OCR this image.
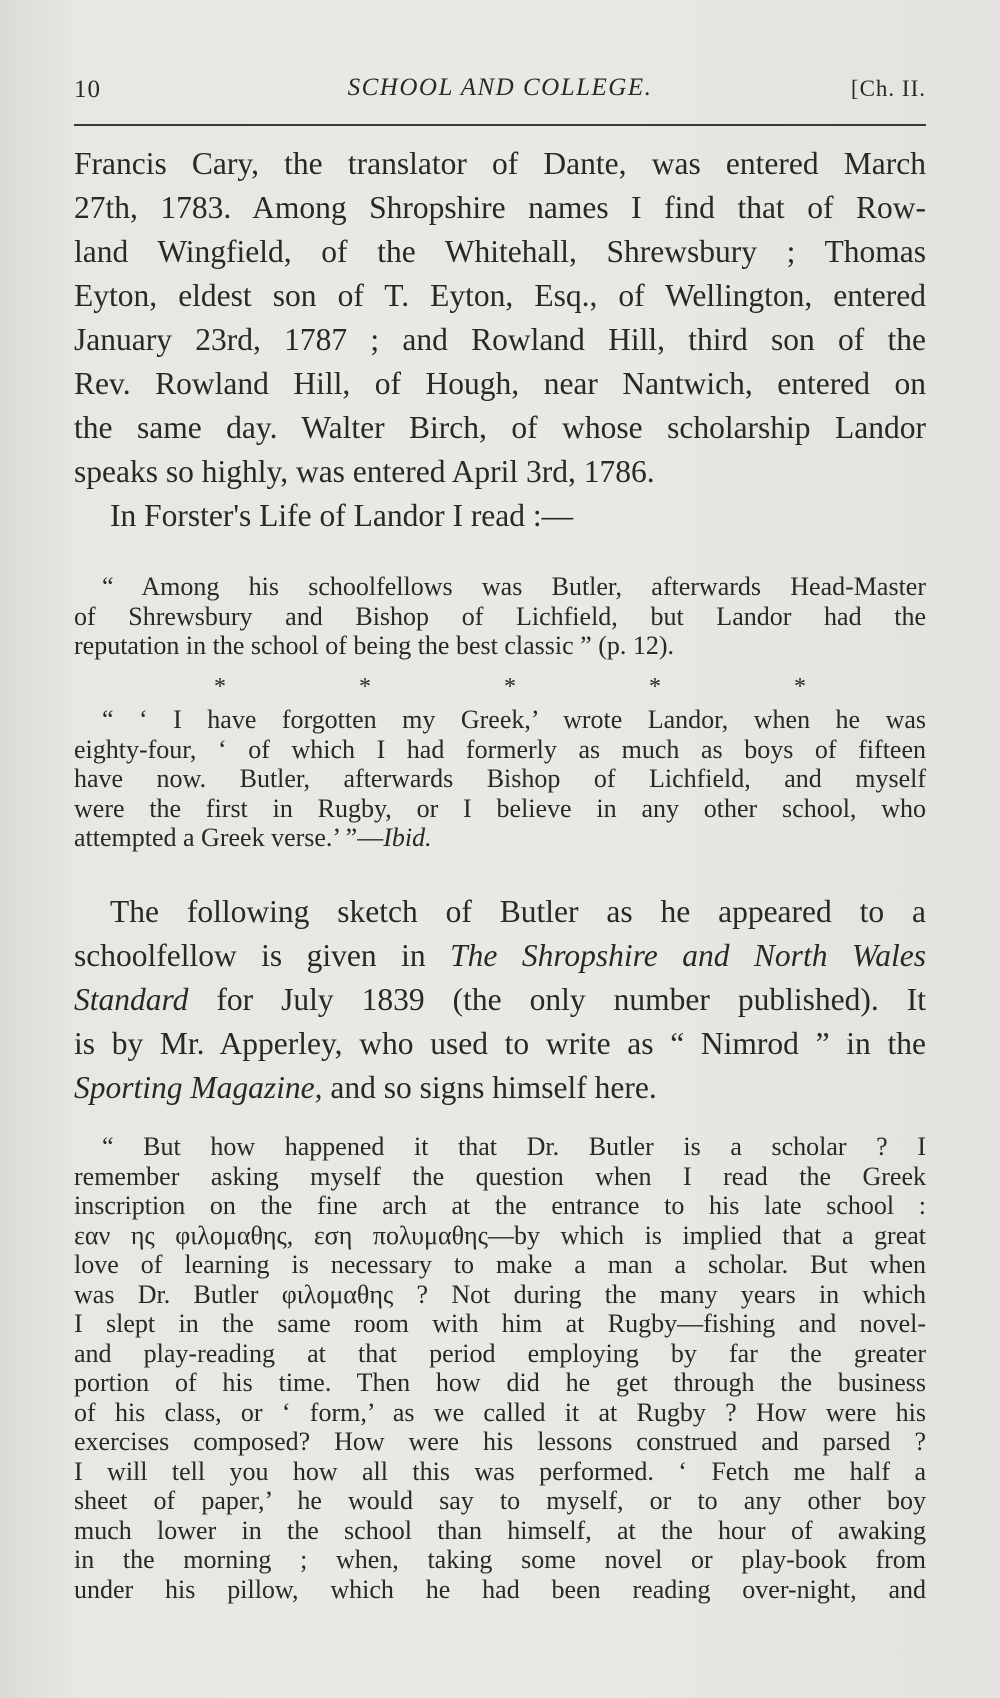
10	SCHOOL AND COLLEGE.	[Ch. II.
Francis Cary, the translator of Dante, was entered March
27th, 1783. Among Shropshire names I find that of Row-
land Wingfield, of the Whitehall, Shrewsbury ; Thomas
Eyton, eldest son of T. Eyton, Esq., of Wellington, entered
January 23rd, 1787 ; and Rowland Hill, third son of the
Rev. Rowland Hill, of Hough, near Nantwich, entered on
the same day. Walter Birch, of whose scholarship Landor
speaks so highly, was entered April 3rd, 1786.
In Forster's Life of Landor I read :—
“ Among his schoolfellows was Butler, afterwards Head-Master
of Shrewsbury and Bishop of Lichfield, but Landor had the
reputation in the school of being the best classic ” (p. 12).
*	*	*	*	*
“ ‘ I have forgotten my Greek,’ wrote Landor, when he was
eighty-four, ‘ of which I had formerly as much as boys of fifteen
have now. Butler, afterwards Bishop of Lichfield, and myself
were the first in Rugby, or I believe in any other school, who
attempted a Greek verse.’ ”—Ibid.
The following sketch of Butler as he appeared to a
schoolfellow is given in The Shropshire and North Wales
Standard for July 1839 (the only number published). It
is by Mr. Apperley, who used to write as “ Nimrod ” in the
Sporting Magazine, and so signs himself here.
“ But how happened it that Dr. Butler is a scholar ? I
remember asking myself the question when I read the Greek
inscription on the fine arch at the entrance to his late school :
εαν ης φιλομαθης, εση πολυμαθης—by which is implied that a great
love of learning is necessary to make a man a scholar. But when
was Dr. Butler φιλομαθης ? Not during the many years in which
I slept in the same room with him at Rugby—fishing and novel-
and play-reading at that period employing by far the greater
portion of his time. Then how did he get through the business
of his class, or ‘ form,’ as we called it at Rugby ? How were his
exercises composed? How were his lessons construed and parsed ?
I will tell you how all this was performed. ‘ Fetch me half a
sheet of paper,’ he would say to myself, or to any other boy
much lower in the school than himself, at the hour of awaking
in the morning ; when, taking some novel or play-book from
under his pillow, which he had been reading over-night, and
